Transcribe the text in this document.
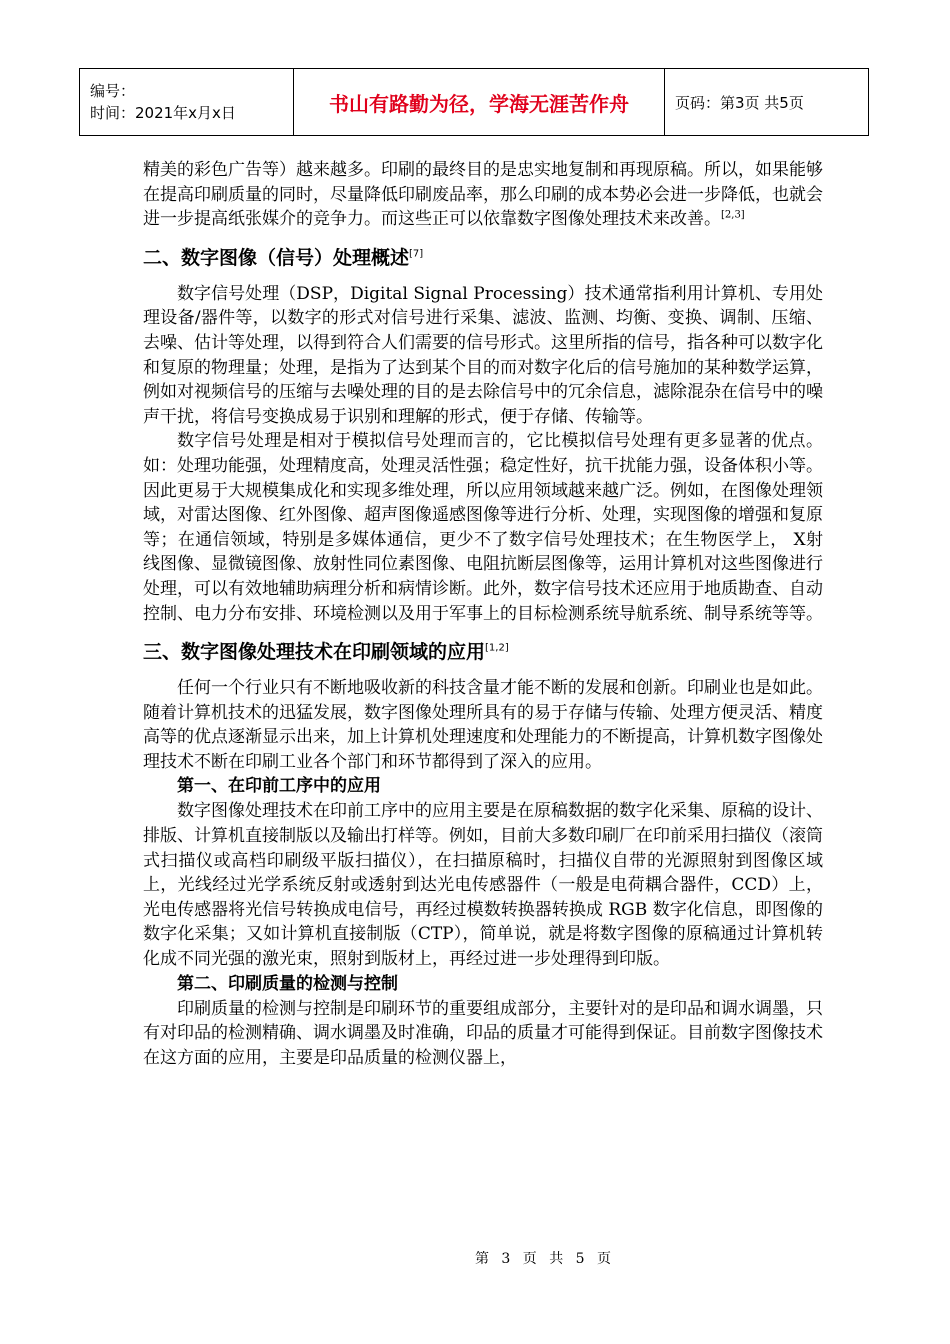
编号：
时间：2021年x月x日	书山有路勤为径，学海无涯苦作舟	页码：第3页 共5页

精美的彩色广告等）越来越多。印刷的最终目的是忠实地复制和再现原稿。所以，如果能够在提高印刷质量的同时，尽量降低印刷废品率，那么印刷的成本势必会进一步降低，也就会进一步提高纸张媒介的竞争力。而这些正可以依靠数字图像处理技术来改善。[2,3]

二、数字图像（信号）处理概述[7]

数字信号处理（DSP，Digital Signal Processing）技术通常指利用计算机、专用处理设备/器件等，以数字的形式对信号进行采集、滤波、监测、均衡、变换、调制、压缩、去噪、估计等处理，以得到符合人们需要的信号形式。这里所指的信号，指各种可以数字化和复原的物理量；处理，是指为了达到某个目的而对数字化后的信号施加的某种数学运算，例如对视频信号的压缩与去噪处理的目的是去除信号中的冗余信息，滤除混杂在信号中的噪声干扰，将信号变换成易于识别和理解的形式，便于存储、传输等。

数字信号处理是相对于模拟信号处理而言的，它比模拟信号处理有更多显著的优点。如：处理功能强，处理精度高，处理灵活性强；稳定性好，抗干扰能力强，设备体积小等。因此更易于大规模集成化和实现多维处理，所以应用领域越来越广泛。例如，在图像处理领域，对雷达图像、红外图像、超声图像遥感图像等进行分析、处理，实现图像的增强和复原等；在通信领域，特别是多媒体通信，更少不了数字信号处理技术；在生物医学上， X射线图像、显微镜图像、放射性同位素图像、电阻抗断层图像等，运用计算机对这些图像进行处理，可以有效地辅助病理分析和病情诊断。此外，数字信号技术还应用于地质勘查、自动控制、电力分布安排、环境检测以及用于军事上的目标检测系统导航系统、制导系统等等。

三、数字图像处理技术在印刷领域的应用[1,2]

任何一个行业只有不断地吸收新的科技含量才能不断的发展和创新。印刷业也是如此。随着计算机技术的迅猛发展，数字图像处理所具有的易于存储与传输、处理方便灵活、精度高等的优点逐渐显示出来，加上计算机处理速度和处理能力的不断提高，计算机数字图像处理技术不断在印刷工业各个部门和环节都得到了深入的应用。

第一、在印前工序中的应用

数字图像处理技术在印前工序中的应用主要是在原稿数据的数字化采集、原稿的设计、排版、计算机直接制版以及输出打样等。例如，目前大多数印刷厂在印前采用扫描仪（滚筒式扫描仪或高档印刷级平版扫描仪），在扫描原稿时，扫描仪自带的光源照射到图像区域上，光线经过光学系统反射或透射到达光电传感器件（一般是电荷耦合器件，CCD）上，光电传感器将光信号转换成电信号，再经过模数转换器转换成 RGB 数字化信息，即图像的数字化采集；又如计算机直接制版（CTP），简单说，就是将数字图像的原稿通过计算机转化成不同光强的激光束，照射到版材上，再经过进一步处理得到印版。

第二、印刷质量的检测与控制

印刷质量的检测与控制是印刷环节的重要组成部分，主要针对的是印品和调水调墨，只有对印品的检测精确、调水调墨及时准确，印品的质量才可能得到保证。目前数字图像技术在这方面的应用，主要是印品质量的检测仪器上，

第 3 页 共 5 页
